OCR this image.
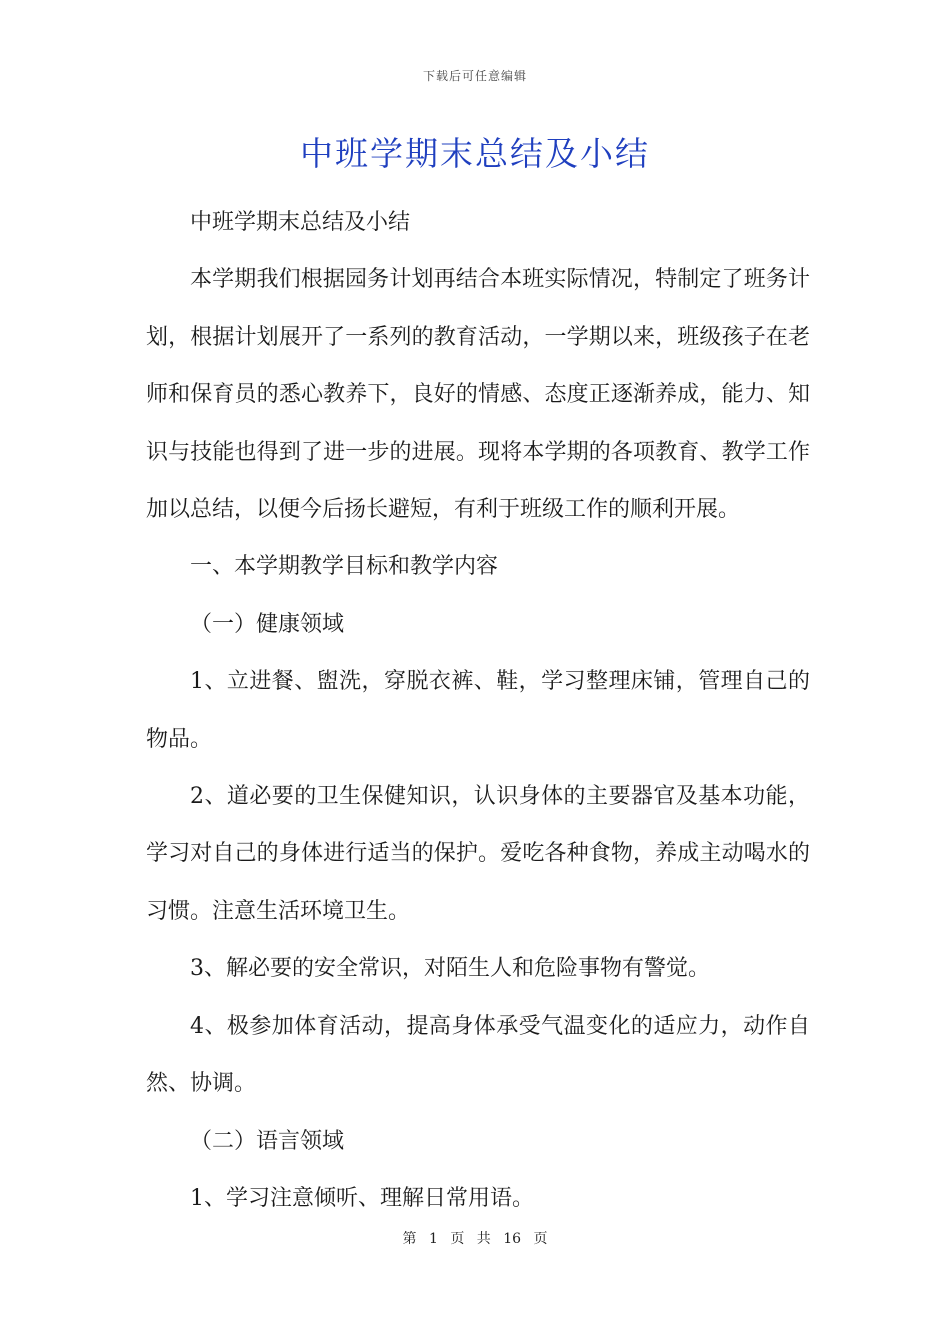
下载后可任意编辑
中班学期末总结及小结

中班学期末总结及小结

本学期我们根据园务计划再结合本班实际情况，特制定了班务计划，根据计划展开了一系列的教育活动，一学期以来，班级孩子在老师和保育员的悉心教养下，良好的情感、态度正逐渐养成，能力、知识与技能也得到了进一步的进展。现将本学期的各项教育、教学工作加以总结，以便今后扬长避短，有利于班级工作的顺利开展。

一、本学期教学目标和教学内容

（一）健康领域

1、立进餐、盥洗，穿脱衣裤、鞋，学习整理床铺，管理自己的物品。

2、道必要的卫生保健知识，认识身体的主要器官及基本功能，学习对自己的身体进行适当的保护。爱吃各种食物，养成主动喝水的习惯。注意生活环境卫生。

3、解必要的安全常识，对陌生人和危险事物有警觉。

4、极参加体育活动，提高身体承受气温变化的适应力，动作自然、协调。

（二）语言领域

1、学习注意倾听、理解日常用语。

第 1 页 共 16 页
